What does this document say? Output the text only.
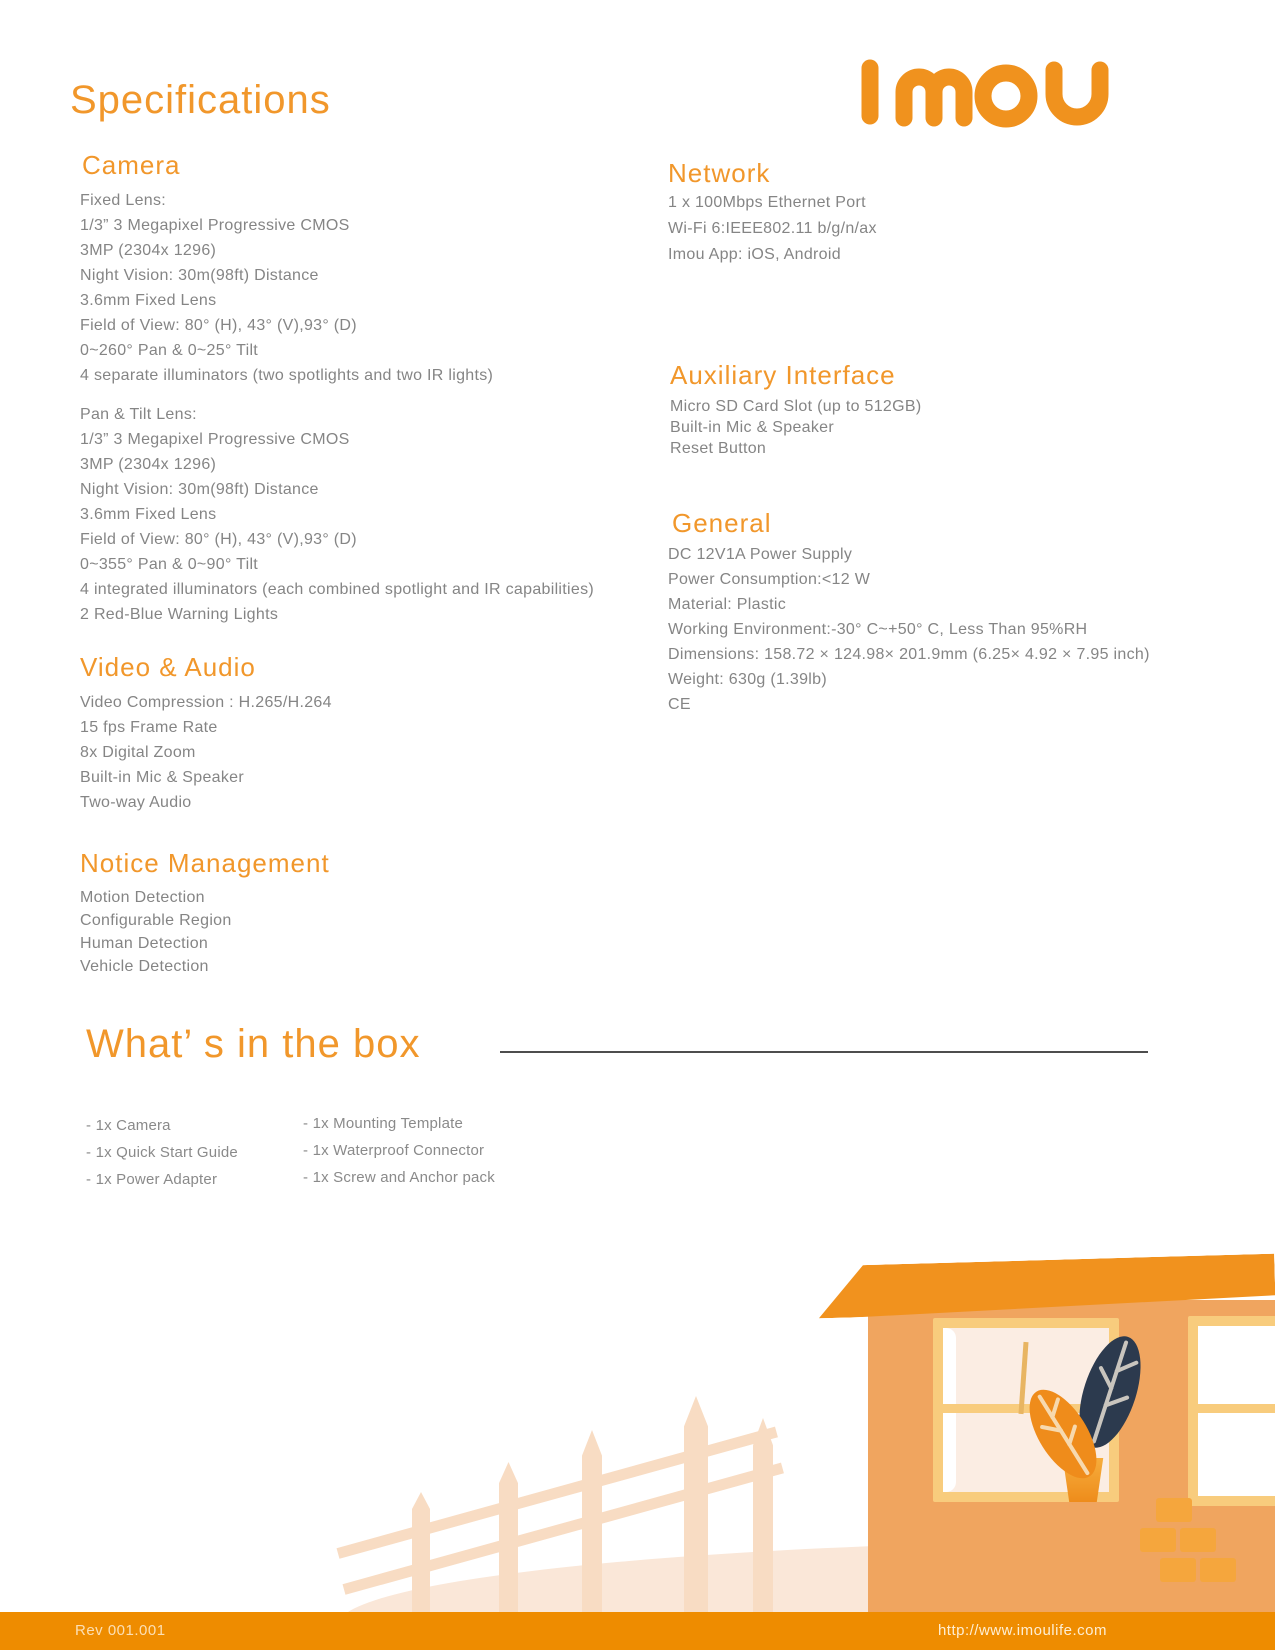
Specifications
Camera
Fixed Lens:
1/3” 3 Megapixel Progressive CMOS
3MP (2304x 1296)
Night Vision: 30m(98ft) Distance
3.6mm Fixed Lens
Field of View: 80° (H), 43° (V),93° (D)
0~260° Pan & 0~25° Tilt
4 separate illuminators (two spotlights and two IR lights)
Pan & Tilt Lens:
1/3” 3 Megapixel Progressive CMOS
3MP (2304x 1296)
Night Vision: 30m(98ft) Distance
3.6mm Fixed Lens
Field of View: 80° (H), 43° (V),93° (D)
0~355° Pan & 0~90° Tilt
4 integrated illuminators (each combined spotlight and IR capabilities)
2 Red-Blue Warning Lights
Video & Audio
Video Compression : H.265/H.264
15 fps Frame Rate
8x Digital Zoom
Built-in Mic & Speaker
Two-way Audio
Notice Management
Motion Detection
Configurable Region
Human Detection
Vehicle Detection
Network
1 x 100Mbps Ethernet Port
Wi-Fi 6:IEEE802.11 b/g/n/ax
Imou App: iOS, Android
Auxiliary Interface
Micro SD Card Slot (up to 512GB)
Built-in Mic & Speaker
Reset Button
General
DC 12V1A Power Supply
Power Consumption:<12 W
Material: Plastic
Working Environment:-30° C~+50° C, Less Than 95%RH
Dimensions: 158.72 × 124.98× 201.9mm (6.25× 4.92 × 7.95 inch)
Weight: 630g (1.39lb)
CE
What’ s in the box
- 1x Camera
- 1x Quick Start Guide
- 1x Power Adapter
- 1x Mounting Template
- 1x Waterproof Connector
- 1x Screw and Anchor pack
Rev 001.001	http://www.imoulife.com
